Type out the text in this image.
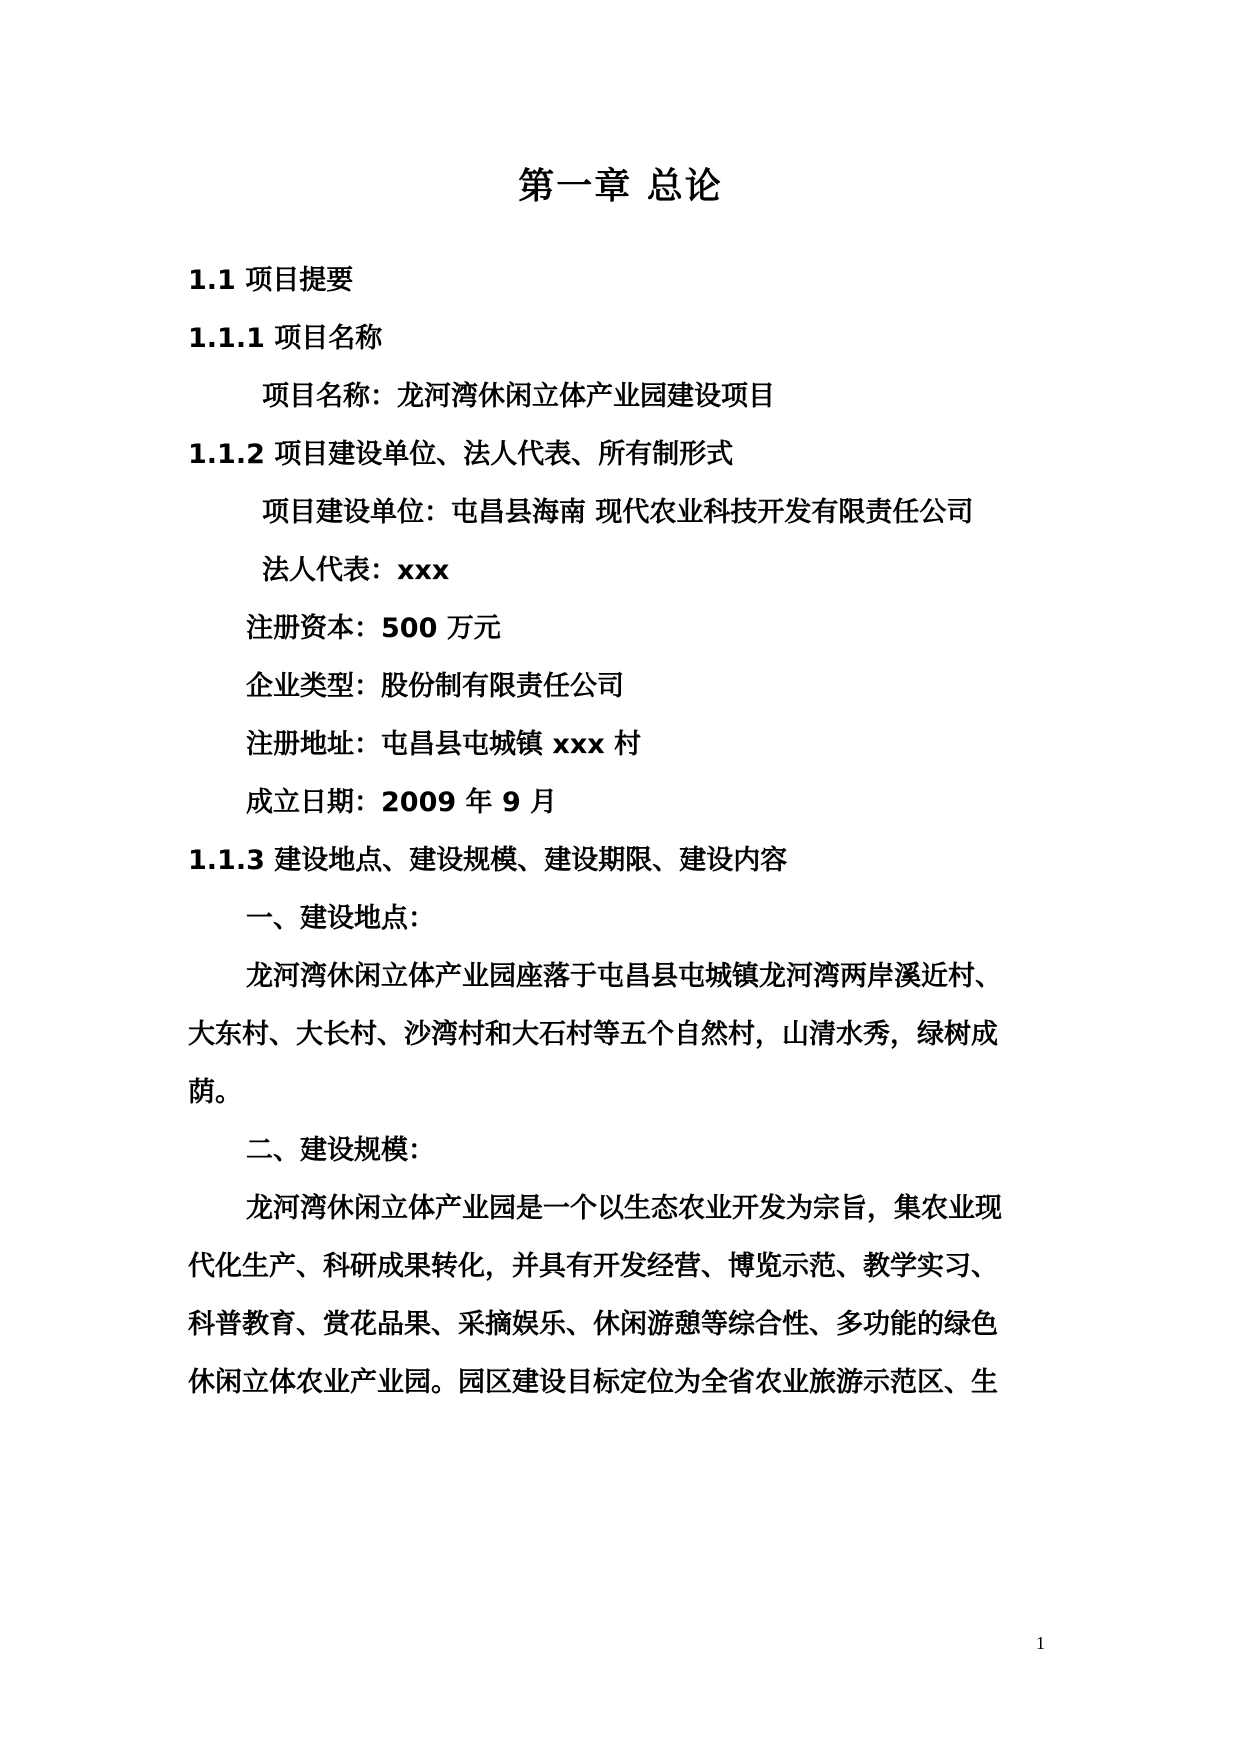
第一章 总论
1.1 项目提要
1.1.1 项目名称
项目名称：龙河湾休闲立体产业园建设项目
1.1.2 项目建设单位、法人代表、所有制形式
项目建设单位：屯昌县海南 现代农业科技开发有限责任公司
法人代表：xxx
注册资本：500 万元
企业类型：股份制有限责任公司
注册地址：屯昌县屯城镇 xxx 村
成立日期：2009 年 9 月
1.1.3 建设地点、建设规模、建设期限、建设内容
一、建设地点：
龙河湾休闲立体产业园座落于屯昌县屯城镇龙河湾两岸溪近村、
大东村、大长村、沙湾村和大石村等五个自然村，山清水秀，绿树成
荫。
二、建设规模：
龙河湾休闲立体产业园是一个以生态农业开发为宗旨，集农业现
代化生产、科研成果转化，并具有开发经营、博览示范、教学实习、
科普教育、赏花品果、采摘娱乐、休闲游憩等综合性、多功能的绿色
休闲立体农业产业园。园区建设目标定位为全省农业旅游示范区、生
1
